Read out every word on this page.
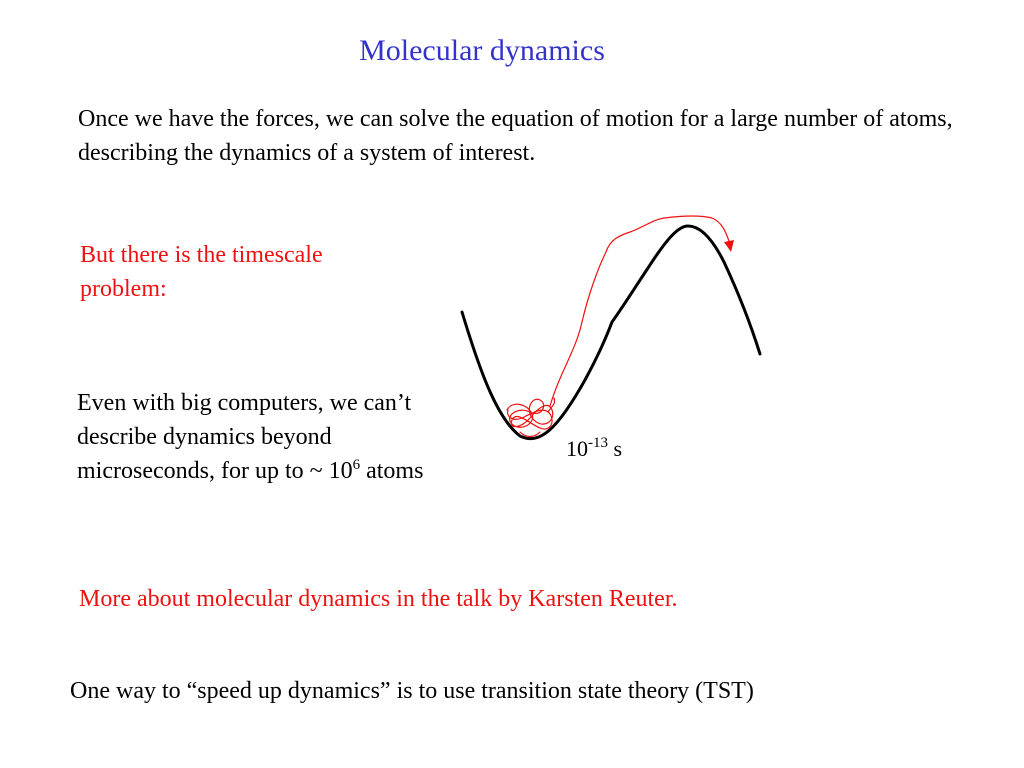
Molecular dynamics
Once we have the forces, we can solve the equation of motion for a large number of atoms, describing the dynamics of a system of interest.
But there is the timescale problem:
Even with big computers, we can’t describe dynamics beyond microseconds, for up to ~ $10^6$ atoms
More about molecular dynamics in the talk by Karsten Reuter.
One way to “speed up dynamics” is to use transition state theory (TST)
$10^{-13}$ s
